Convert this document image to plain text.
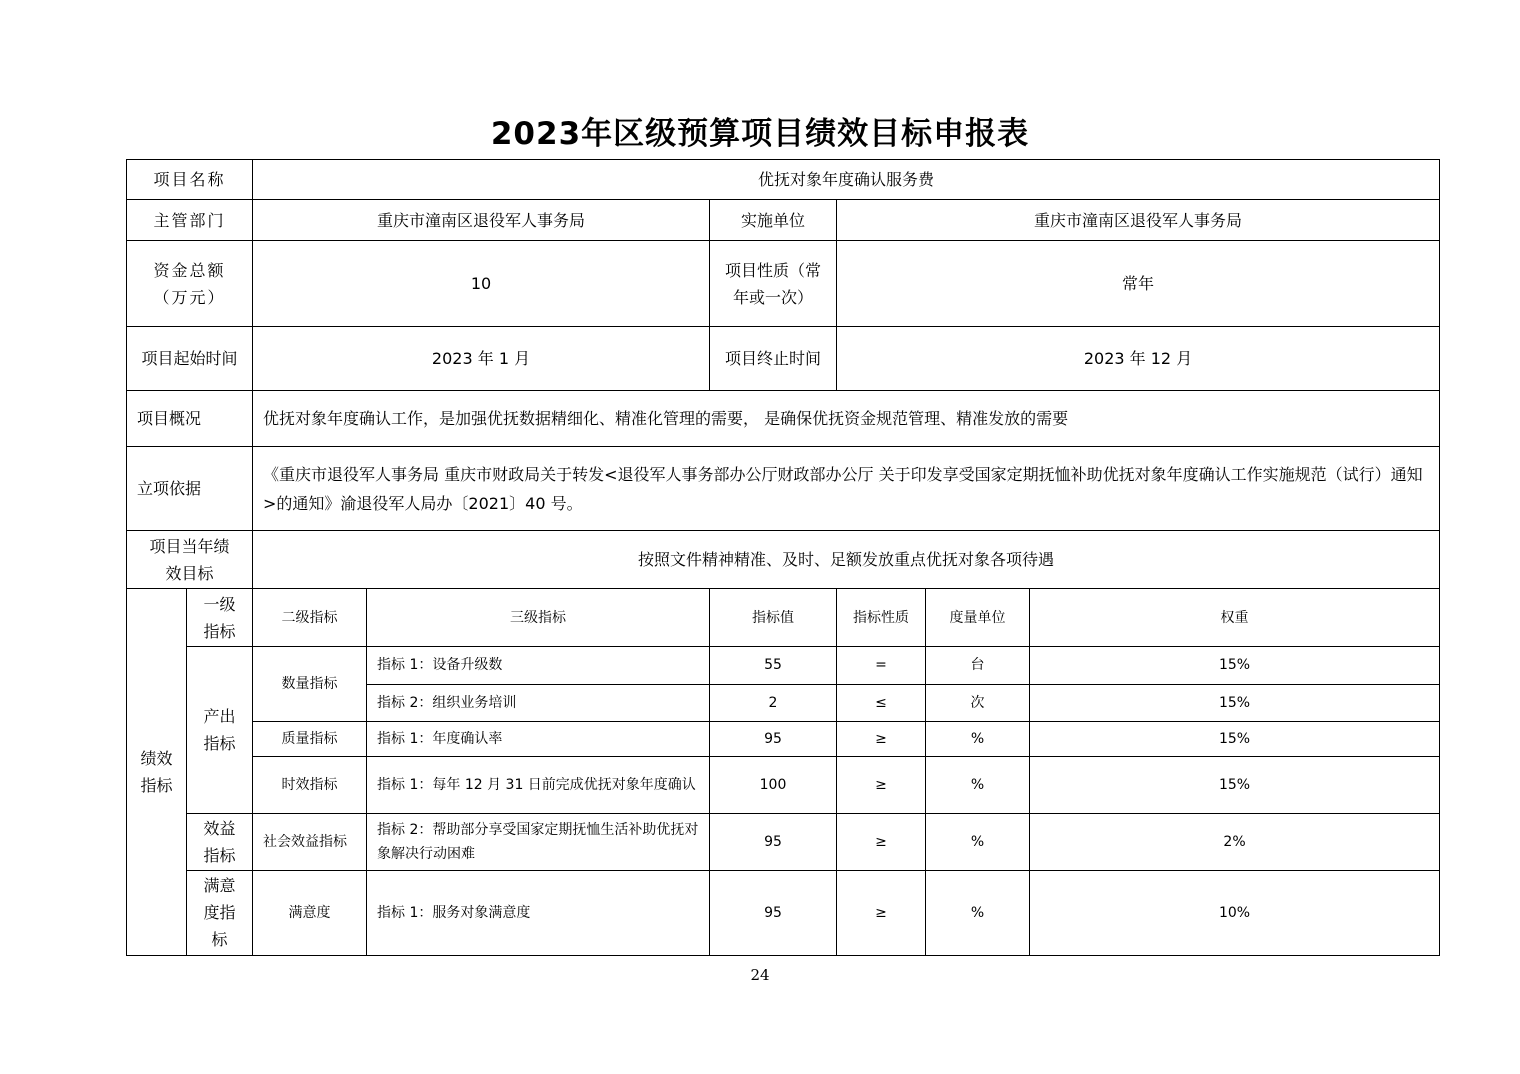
2023年区级预算项目绩效目标申报表
项目名称		优抚对象年度确认服务费					
主管部门		重庆市潼南区退役军人事务局		实施单位	重庆市潼南区退役军人事务局		
资金总额
（万元）		10		项目性质（常年或一次）	常年		
项目起始时间		2023 年 1 月		项目终止时间	2023 年 12 月		
项目概况		优抚对象年度确认工作，是加强优抚数据精细化、精准化管理的需要， 是确保优抚资金规范管理、精准发放的需要					
立项依据		《重庆市退役军人事务局 重庆市财政局关于转发<退役军人事务部办公厅财政部办公厅 关于印发享受国家定期抚恤补助优抚对象年度确认工作实施规范（试行）通知>的通知》渝退役军人局办〔2021〕40 号。					
项目当年绩效目标		按照文件精神精准、及时、足额发放重点优抚对象各项待遇					
绩效指标	一级指标	二级指标	三级指标	指标值	指标性质	度量单位	权重
	产出指标	数量指标	指标 1：设备升级数	55	=	台	15%
			指标 2：组织业务培训	2	≤	次	15%
		质量指标	指标 1：年度确认率	95	≥	%	15%
		时效指标	指标 1：每年 12 月 31 日前完成优抚对象年度确认	100	≥	%	15%
	效益指标	社会效益指标	指标 2：帮助部分享受国家定期抚恤生活补助优抚对象解决行动困难	95	≥	%	2%
	满意度指标	满意度	指标 1：服务对象满意度	95	≥	%	10%
24
